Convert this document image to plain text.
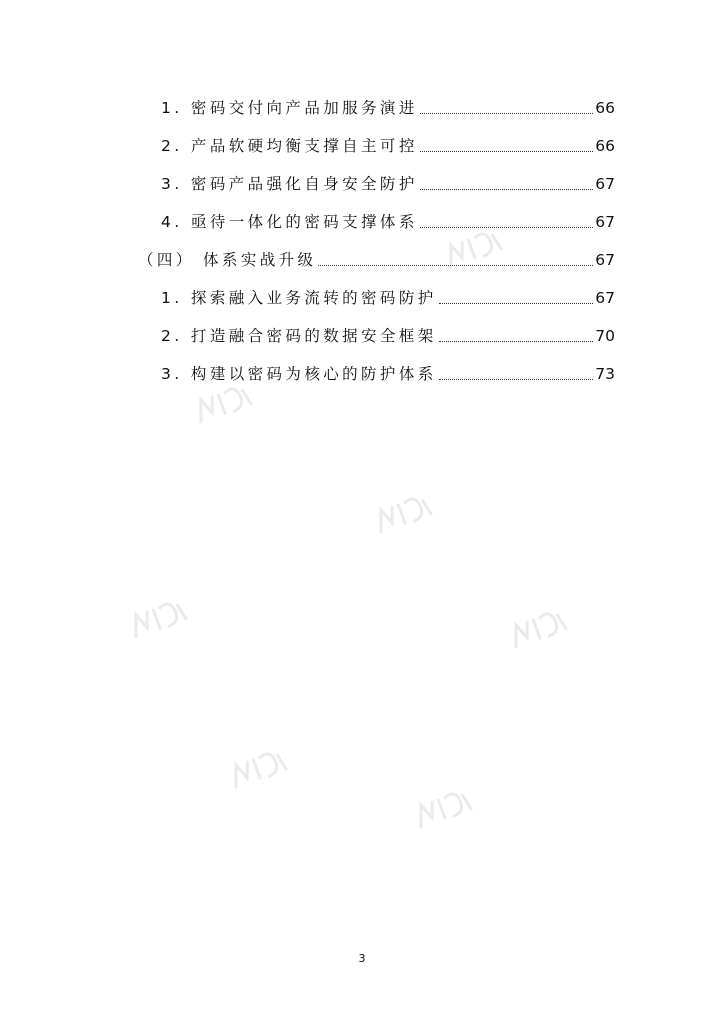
1. 密码交付向产品加服务演进	66
2. 产品软硬均衡支撑自主可控	66
3. 密码产品强化自身安全防护	67
4. 亟待一体化的密码支撑体系	67
（四） 体系实战升级	67
1. 探索融入业务流转的密码防护	67
2. 打造融合密码的数据安全框架	70
3. 构建以密码为核心的防护体系	73
3
